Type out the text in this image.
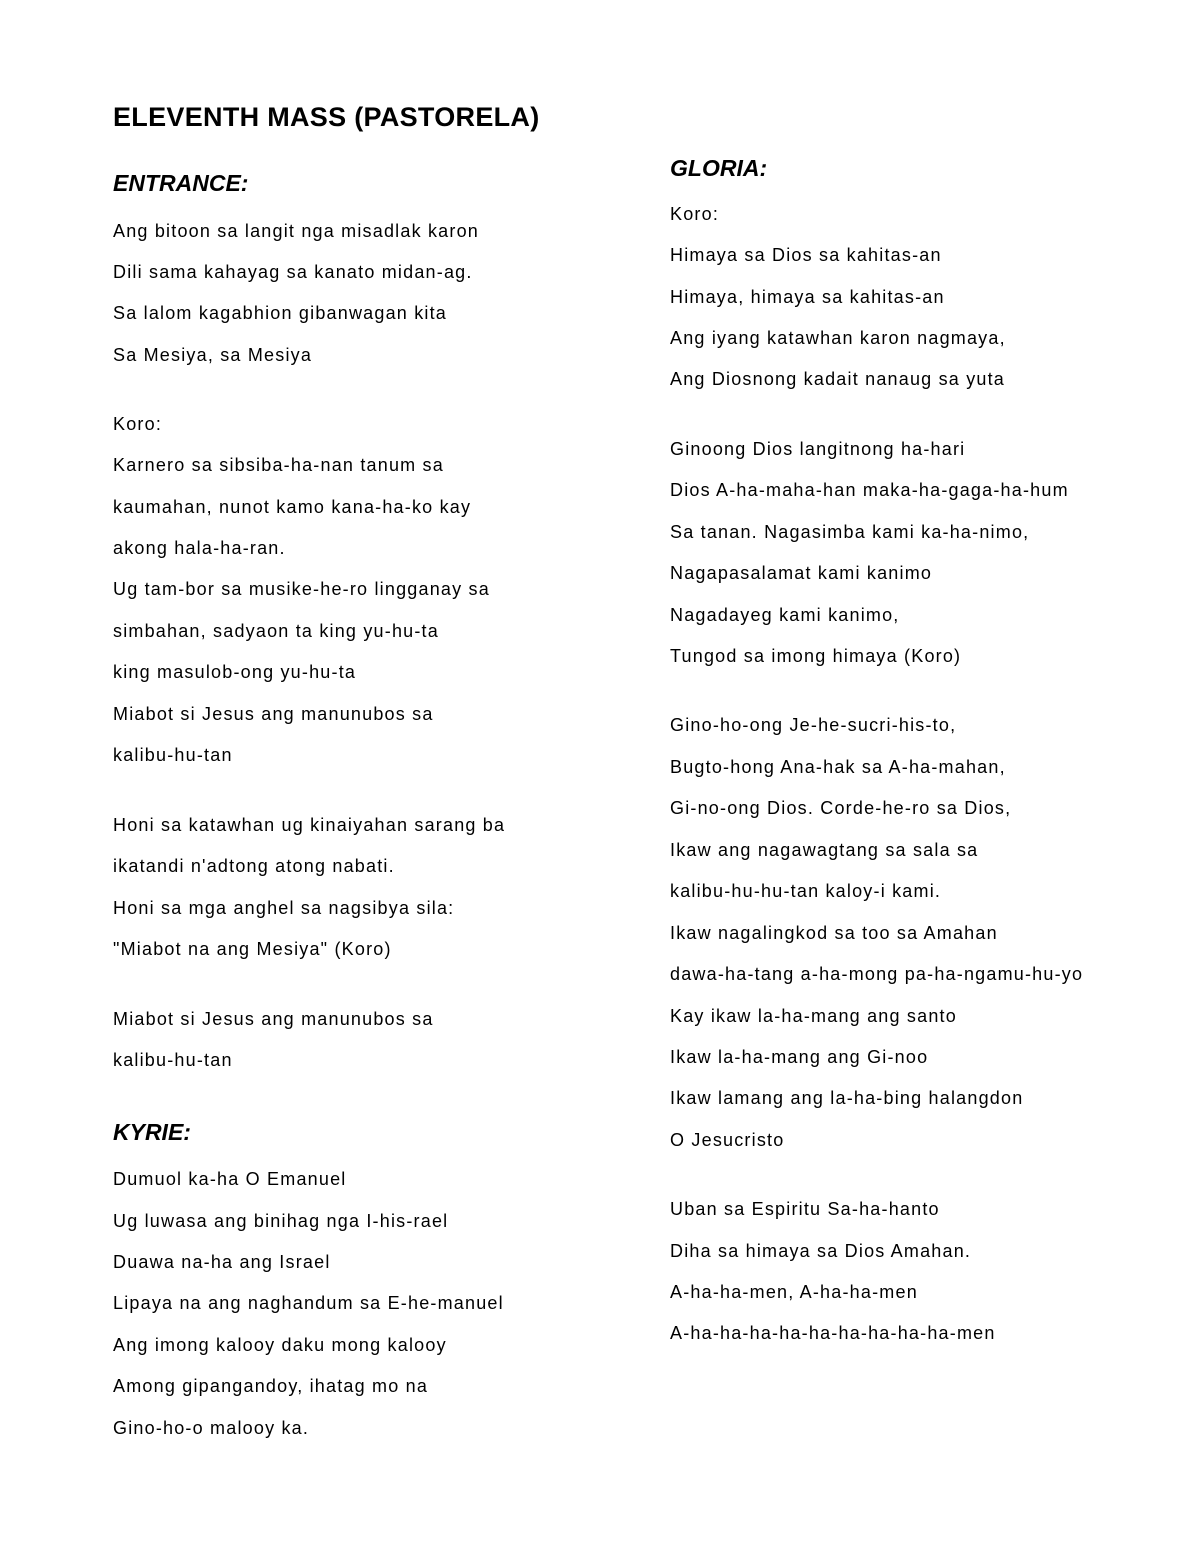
ELEVENTH MASS (PASTORELA)
ENTRANCE:

Ang bitoon sa langit nga misadlak karon

Dili sama kahayag sa kanato midan-ag.

Sa lalom kagabhion gibanwagan kita

Sa Mesiya, sa Mesiya

Koro:

Karnero sa sibsiba-ha-nan tanum sa

kaumahan, nunot kamo kana-ha-ko kay

akong hala-ha-ran.

Ug tam-bor sa musike-he-ro lingganay sa

simbahan, sadyaon ta king yu-hu-ta

king masulob-ong yu-hu-ta

Miabot si Jesus ang manunubos sa

kalibu-hu-tan

Honi sa katawhan ug kinaiyahan sarang ba

ikatandi n'adtong atong nabati.

Honi sa mga anghel sa nagsibya sila:

"Miabot na ang Mesiya" (Koro)

Miabot si Jesus ang manunubos sa

kalibu-hu-tan

KYRIE:

Dumuol ka-ha O Emanuel

Ug luwasa ang binihag nga I-his-rael

Duawa na-ha ang Israel

Lipaya na ang naghandum sa E-he-manuel

Ang imong kalooy daku mong kalooy

Among gipangandoy, ihatag mo na

Gino-ho-o malooy ka.

GLORIA:

Koro:

Himaya sa Dios sa kahitas-an

Himaya, himaya sa kahitas-an

Ang iyang katawhan karon nagmaya,

Ang Diosnong kadait nanaug sa yuta

Ginoong Dios langitnong ha-hari

Dios A-ha-maha-han maka-ha-gaga-ha-hum

Sa tanan. Nagasimba kami ka-ha-nimo,

Nagapasalamat kami kanimo

Nagadayeg kami kanimo,

Tungod sa imong himaya (Koro)

Gino-ho-ong Je-he-sucri-his-to,

Bugto-hong Ana-hak sa A-ha-mahan,

Gi-no-ong Dios. Corde-he-ro sa Dios,

Ikaw ang nagawagtang sa sala sa

kalibu-hu-hu-tan kaloy-i kami.

Ikaw nagalingkod sa too sa Amahan

dawa-ha-tang a-ha-mong pa-ha-ngamu-hu-yo

Kay ikaw la-ha-mang ang santo

Ikaw la-ha-mang ang Gi-noo

Ikaw lamang ang la-ha-bing halangdon

O Jesucristo

Uban sa Espiritu Sa-ha-hanto

Diha sa himaya sa Dios Amahan.

A-ha-ha-men, A-ha-ha-men

A-ha-ha-ha-ha-ha-ha-ha-ha-ha-men
